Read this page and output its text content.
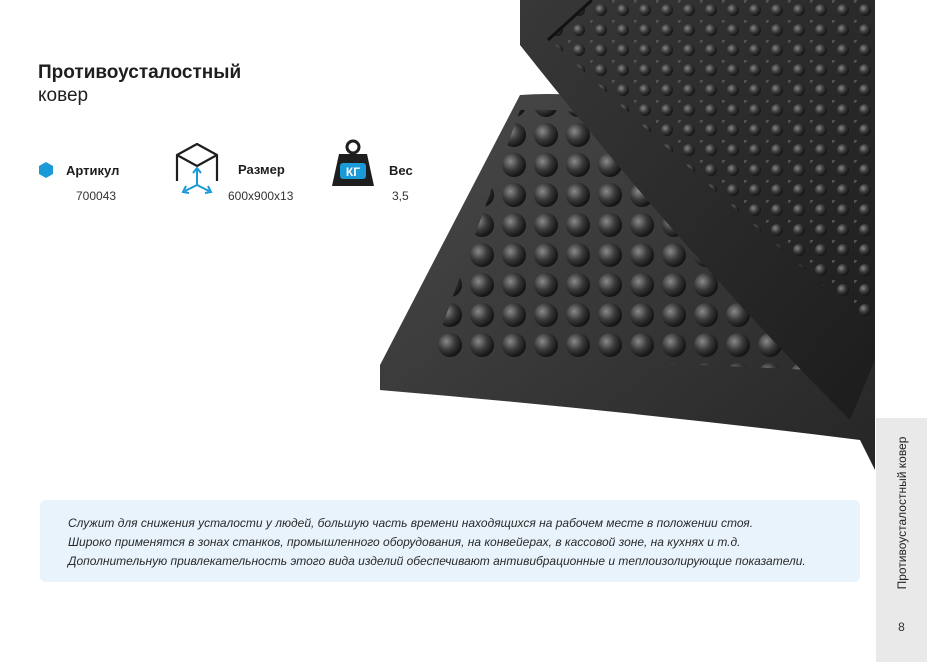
Противоусталостный
ковер
Артикул
700043
Размер
600x900x13
КГ	Вес
3,5
Служит для снижения усталости у людей, большую часть времени находящихся на рабочем месте в положении стоя.
Широко применятся в зонах станков, промышленного оборудования, на конвейерах, в кассовой зоне, на кухнях и т.д.
Дополнительную привлекательность этого вида изделий обеспечивают антивибрационные и теплоизолирующие показатели.	Противоусталостный ковер
8
